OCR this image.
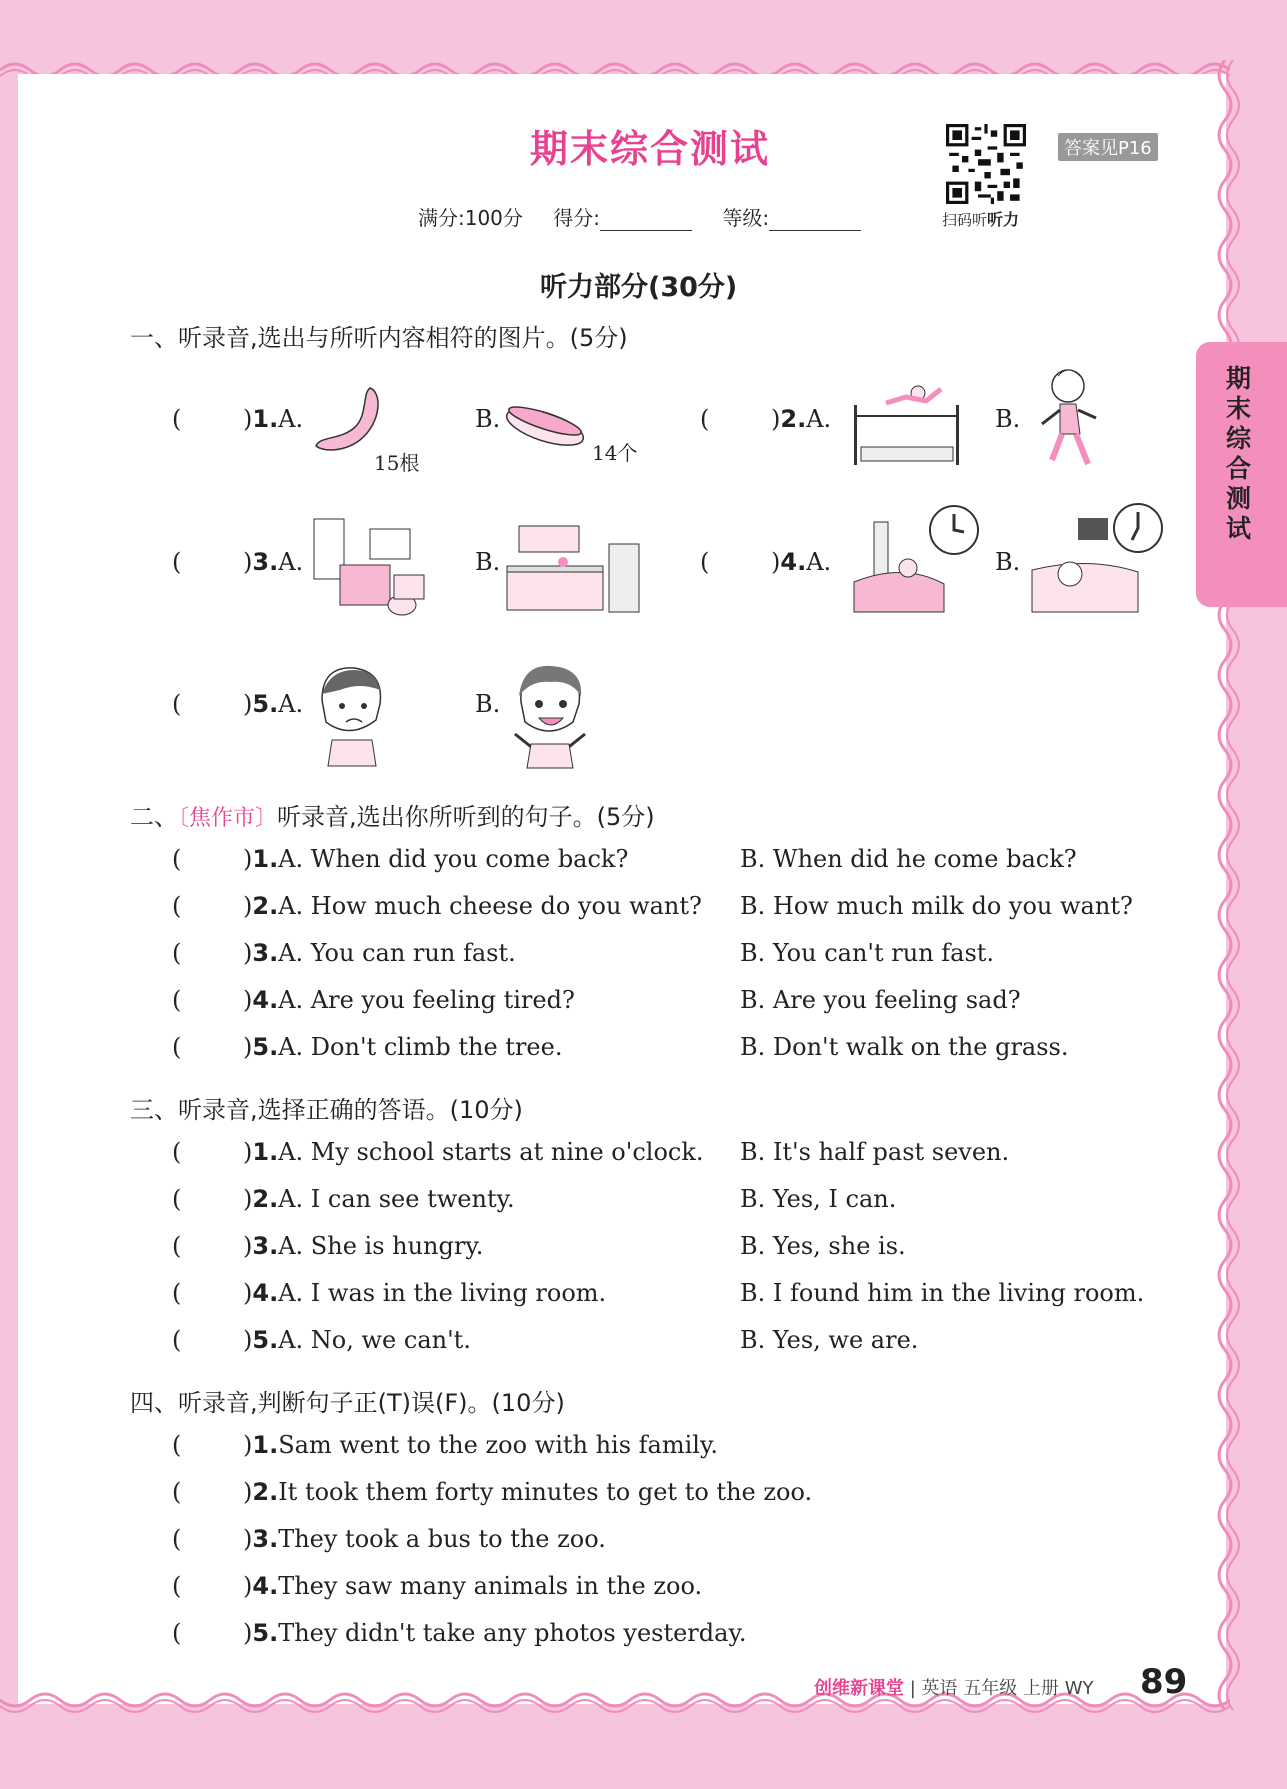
期末综合测试
期末综合测试
扫码听听力
答案见P16
满分:100分 得分:	等级:
听力部分(30分)
一、听录音,选出与所听内容相符的图片。(5分)
(	)1.A.	B.	(	)2.A.	B.
(	)3.A.	B.	(	)4.A.	B.
(	)5.A.	B.
15根	14个
二、〔焦作市〕听录音,选出你所听到的句子。(5分)
(	)1.A. When did you come back?	B. When did he come back?
(	)2.A. How much cheese do you want? B. How much milk do you want?
(	)3.A. You can run fast.	B. You can't run fast.
(	)4.A. Are you feeling tired?	B. Are you feeling sad?
(	)5.A. Don't climb the tree.	B. Don't walk on the grass.
三、听录音,选择正确的答语。(10分)
(	)1.A. My school starts at nine o'clock. B. It's half past seven.
(	)2.A. I can see twenty.	B. Yes, I can.
(	)3.A. She is hungry.	B. Yes, she is.
(	)4.A. I was in the living room.	B. I found him in the living room.
(	)5.A. No, we can't.	B. Yes, we are.
四、听录音,判断句子正(T)误(F)。(10分)
(	)1.Sam went to the zoo with his family.
(	)2.It took them forty minutes to get to the zoo.
(	)3.They took a bus to the zoo.
(	)4.They saw many animals in the zoo.
(	)5.They didn't take any photos yesterday.
创维新课堂 | 英语 五年级 上册 WY 89
